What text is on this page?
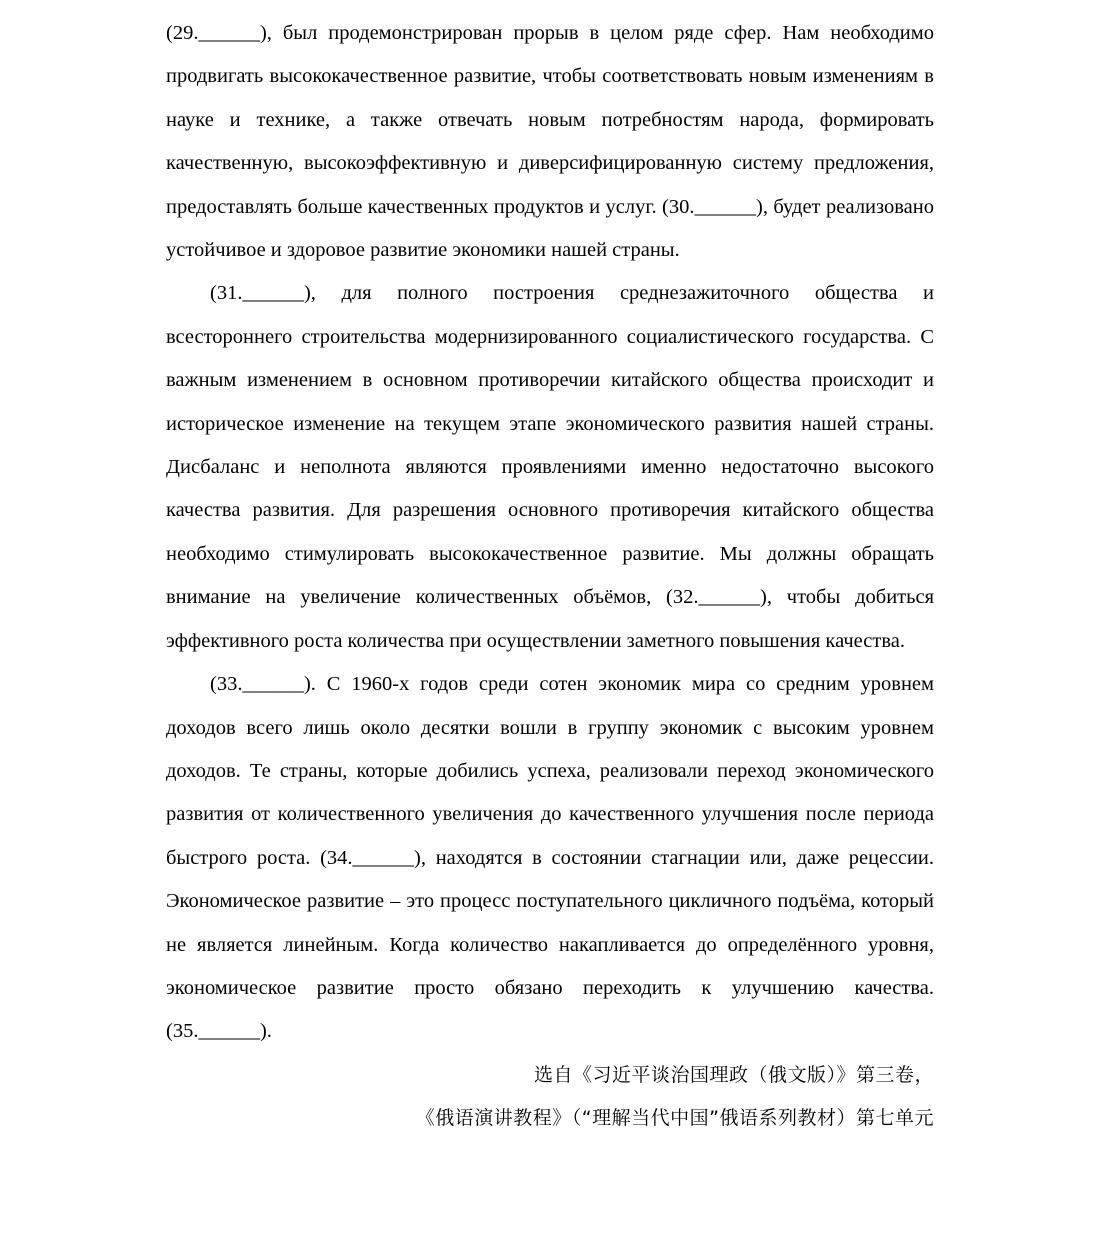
(29.______), был продемонстрирован прорыв в целом ряде сфер. Нам необходимо продвигать высококачественное развитие, чтобы соответствовать новым изменениям в науке и технике, а также отвечать новым потребностям народа, формировать качественную, высокоэффективную и диверсифицированную систему предложения, предоставлять больше качественных продуктов и услуг. (30.______), будет реализовано устойчивое и здоровое развитие экономики нашей страны.

(31.______), для полного построения среднезажиточного общества и всестороннего строительства модернизированного социалистического государства. С важным изменением в основном противоречии китайского общества происходит и историческое изменение на текущем этапе экономического развития нашей страны. Дисбаланс и неполнота являются проявлениями именно недостаточно высокого качества развития. Для разрешения основного противоречия китайского общества необходимо стимулировать высококачественное развитие. Мы должны обращать внимание на увеличение количественных объёмов, (32.______), чтобы добиться эффективного роста количества при осуществлении заметного повышения качества.

(33.______). С 1960-х годов среди сотен экономик мира со средним уровнем доходов всего лишь около десятки вошли в группу экономик с высоким уровнем доходов. Те страны, которые добились успеха, реализовали переход экономического развития от количественного увеличения до качественного улучшения после периода быстрого роста. (34.______), находятся в состоянии стагнации или, даже рецессии. Экономическое развитие – это процесс поступательного цикличного подъёма, который не является линейным. Когда количество накапливается до определённого уровня, экономическое развитие просто обязано переходить к улучшению качества. (35.______).

选自《习近平谈治国理政（俄文版）》第三卷，

《俄语演讲教程》（“理解当代中国”俄语系列教材）第七单元
